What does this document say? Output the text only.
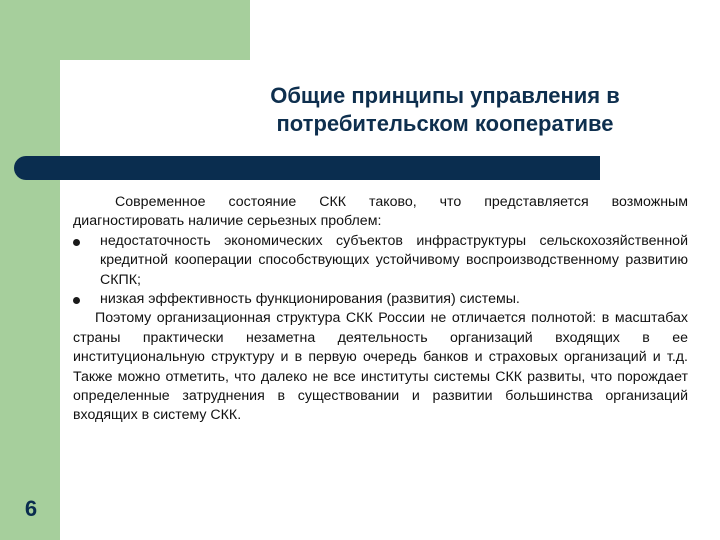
Общие принципы управления в потребительском кооперативе

Современное состояние СКК таково, что представляется возможным диагностировать наличие серьезных проблем:

недостаточность экономических субъектов инфраструктуры сельскохозяйственной кредитной кооперации способствующих устойчивому воспроизводственному развитию СКПК;
низкая эффективность функционирования (развития) системы.

Поэтому организационная структура СКК России не отличается полнотой: в масштабах страны практически незаметна деятельность организаций входящих в ее институциональную структуру и в первую очередь банков и страховых организаций и т.д. Также можно отметить, что далеко не все институты системы СКК развиты, что порождает определенные затруднения в существовании и развитии большинства организаций входящих в систему СКК.

6
